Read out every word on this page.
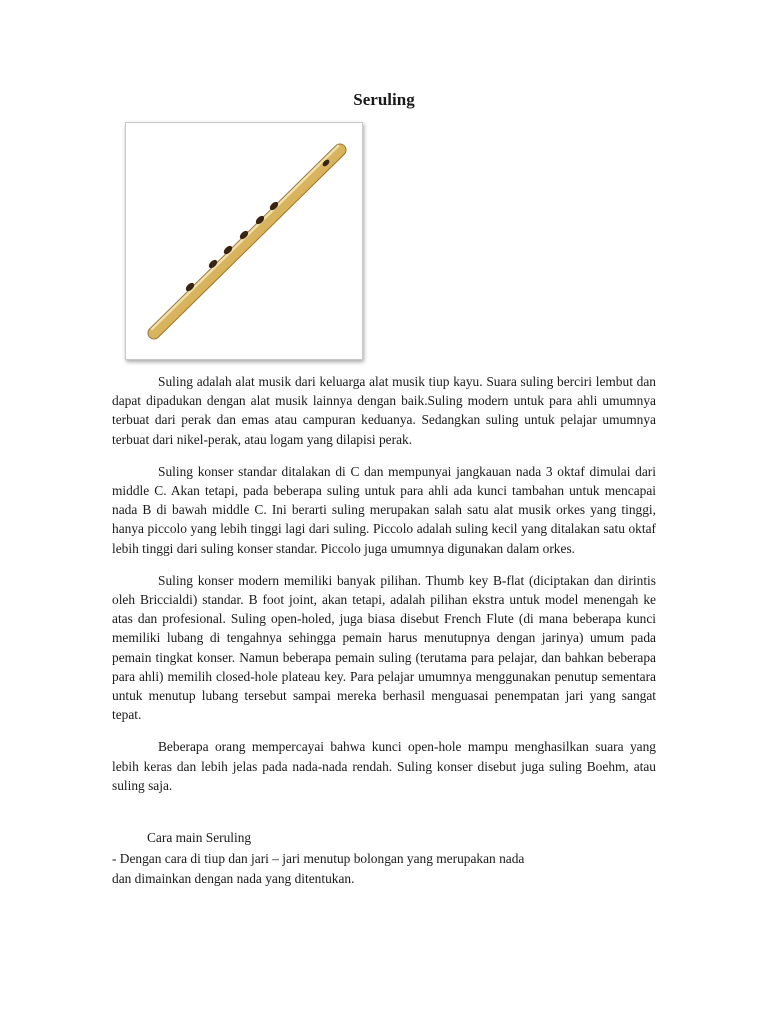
Seruling

Suling adalah alat musik dari keluarga alat musik tiup kayu. Suara suling berciri lembut dan dapat dipadukan dengan alat musik lainnya dengan baik.Suling modern untuk para ahli umumnya terbuat dari perak dan emas atau campuran keduanya. Sedangkan suling untuk pelajar umumnya terbuat dari nikel-perak, atau logam yang dilapisi perak.

Suling konser standar ditalakan di C dan mempunyai jangkauan nada 3 oktaf dimulai dari middle C. Akan tetapi, pada beberapa suling untuk para ahli ada kunci tambahan untuk mencapai nada B di bawah middle C. Ini berarti suling merupakan salah satu alat musik orkes yang tinggi, hanya piccolo yang lebih tinggi lagi dari suling. Piccolo adalah suling kecil yang ditalakan satu oktaf lebih tinggi dari suling konser standar. Piccolo juga umumnya digunakan dalam orkes.

Suling konser modern memiliki banyak pilihan. Thumb key B-flat (diciptakan dan dirintis oleh Briccialdi) standar. B foot joint, akan tetapi, adalah pilihan ekstra untuk model menengah ke atas dan profesional. Suling open-holed, juga biasa disebut French Flute (di mana beberapa kunci memiliki lubang di tengahnya sehingga pemain harus menutupnya dengan jarinya) umum pada pemain tingkat konser. Namun beberapa pemain suling (terutama para pelajar, dan bahkan beberapa para ahli) memilih closed-hole plateau key. Para pelajar umumnya menggunakan penutup sementara untuk menutup lubang tersebut sampai mereka berhasil menguasai penempatan jari yang sangat tepat.

Beberapa orang mempercayai bahwa kunci open-hole mampu menghasilkan suara yang lebih keras dan lebih jelas pada nada-nada rendah. Suling konser disebut juga suling Boehm, atau suling saja.

Cara main Seruling
- Dengan cara di tiup dan jari – jari menutup bolongan yang merupakan nada
dan dimainkan dengan nada yang ditentukan.
